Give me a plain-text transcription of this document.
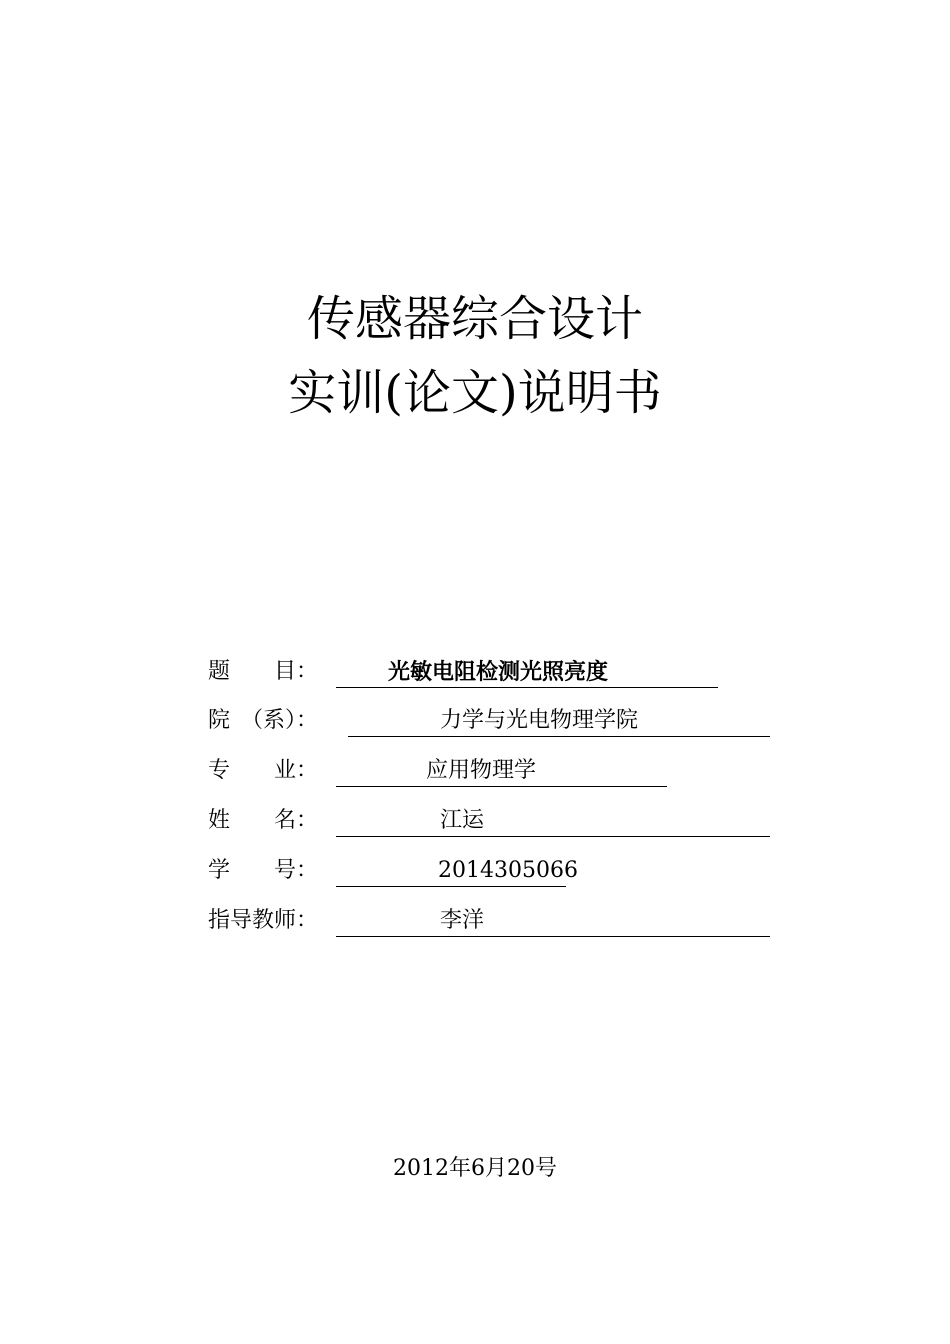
传感器综合设计
实训(论文)说明书
题　　目：	光敏电阻检测光照亮度
院　（系）：	力学与光电物理学院
专　　业：	应用物理学
姓　　名：	江运
学　　号：	2014305066
指导教师：	李洋
2012年6月20号
